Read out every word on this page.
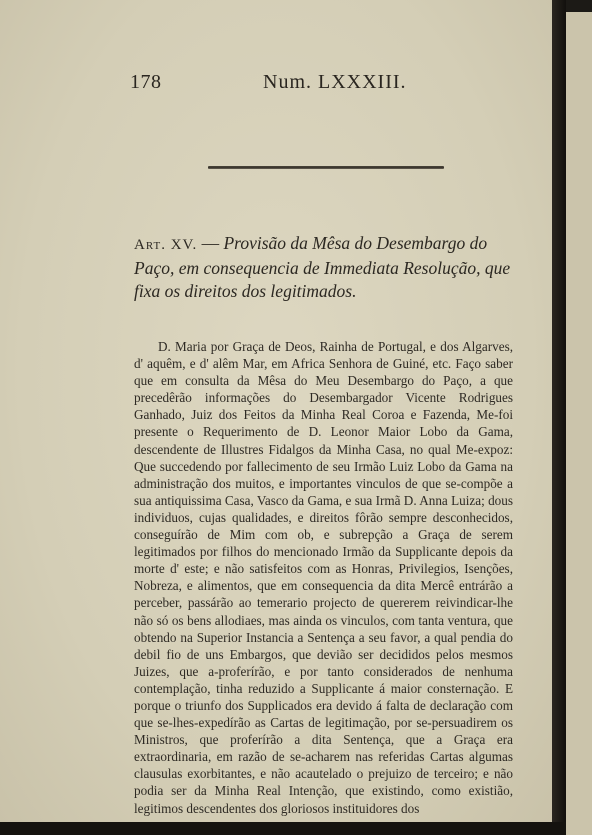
178	Num. LXXXIII.
Art. XV. — Provisão da Mêsa do Desembargo do Paço, em consequencia de Immediata Resolução, que fixa os direitos dos legitimados.
D. Maria por Graça de Deos, Rainha de Portugal, e dos Algarves, d' aquêm, e d' alêm Mar, em Africa Senhora de Guiné, etc. Faço saber que em consulta da Mêsa do Meu Desembargo do Paço, a que precedêrão informações do Desembargador Vicente Rodrigues Ganhado, Juiz dos Feitos da Minha Real Coroa e Fazenda, Me-foi presente o Requerimento de D. Leonor Maior Lobo da Gama, descendente de Illustres Fidalgos da Minha Casa, no qual Me-expoz: Que succedendo por fallecimento de seu Irmão Luiz Lobo da Gama na administração dos muitos, e importantes vinculos de que se-compõe a sua antiquissima Casa, Vasco da Gama, e sua Irmã D. Anna Luiza; dous individuos, cujas qualidades, e direitos fôrão sempre desconhecidos, conseguírão de Mim com ob, e subrepção a Graça de serem legitimados por filhos do mencionado Irmão da Supplicante depois da morte d' este; e não satisfeitos com as Honras, Privilegios, Isenções, Nobreza, e alimentos, que em consequencia da dita Mercê entrárão a perceber, passárão ao temerario projecto de quererem reivindicar-lhe não só os bens allodiaes, mas ainda os vinculos, com tanta ventura, que obtendo na Superior Instancia a Sentença a seu favor, a qual pendia do debil fio de uns Embargos, que devião ser decididos pelos mesmos Juizes, que a-proferírão, e por tanto considerados de nenhuma contemplação, tinha reduzido a Supplicante á maior consternação. E porque o triunfo dos Supplicados era devido á falta de declaração com que se-lhes-expedírão as Cartas de legitimação, por se-persuadirem os Ministros, que proferírão a dita Sentença, que a Graça era extraordinaria, em razão de se-acharem nas referidas Cartas algumas clausulas exorbitantes, e não acautelado o prejuizo de terceiro; e não podia ser da Minha Real Intenção, que existindo, como existião, legitimos descendentes dos gloriosos instituidores dos
